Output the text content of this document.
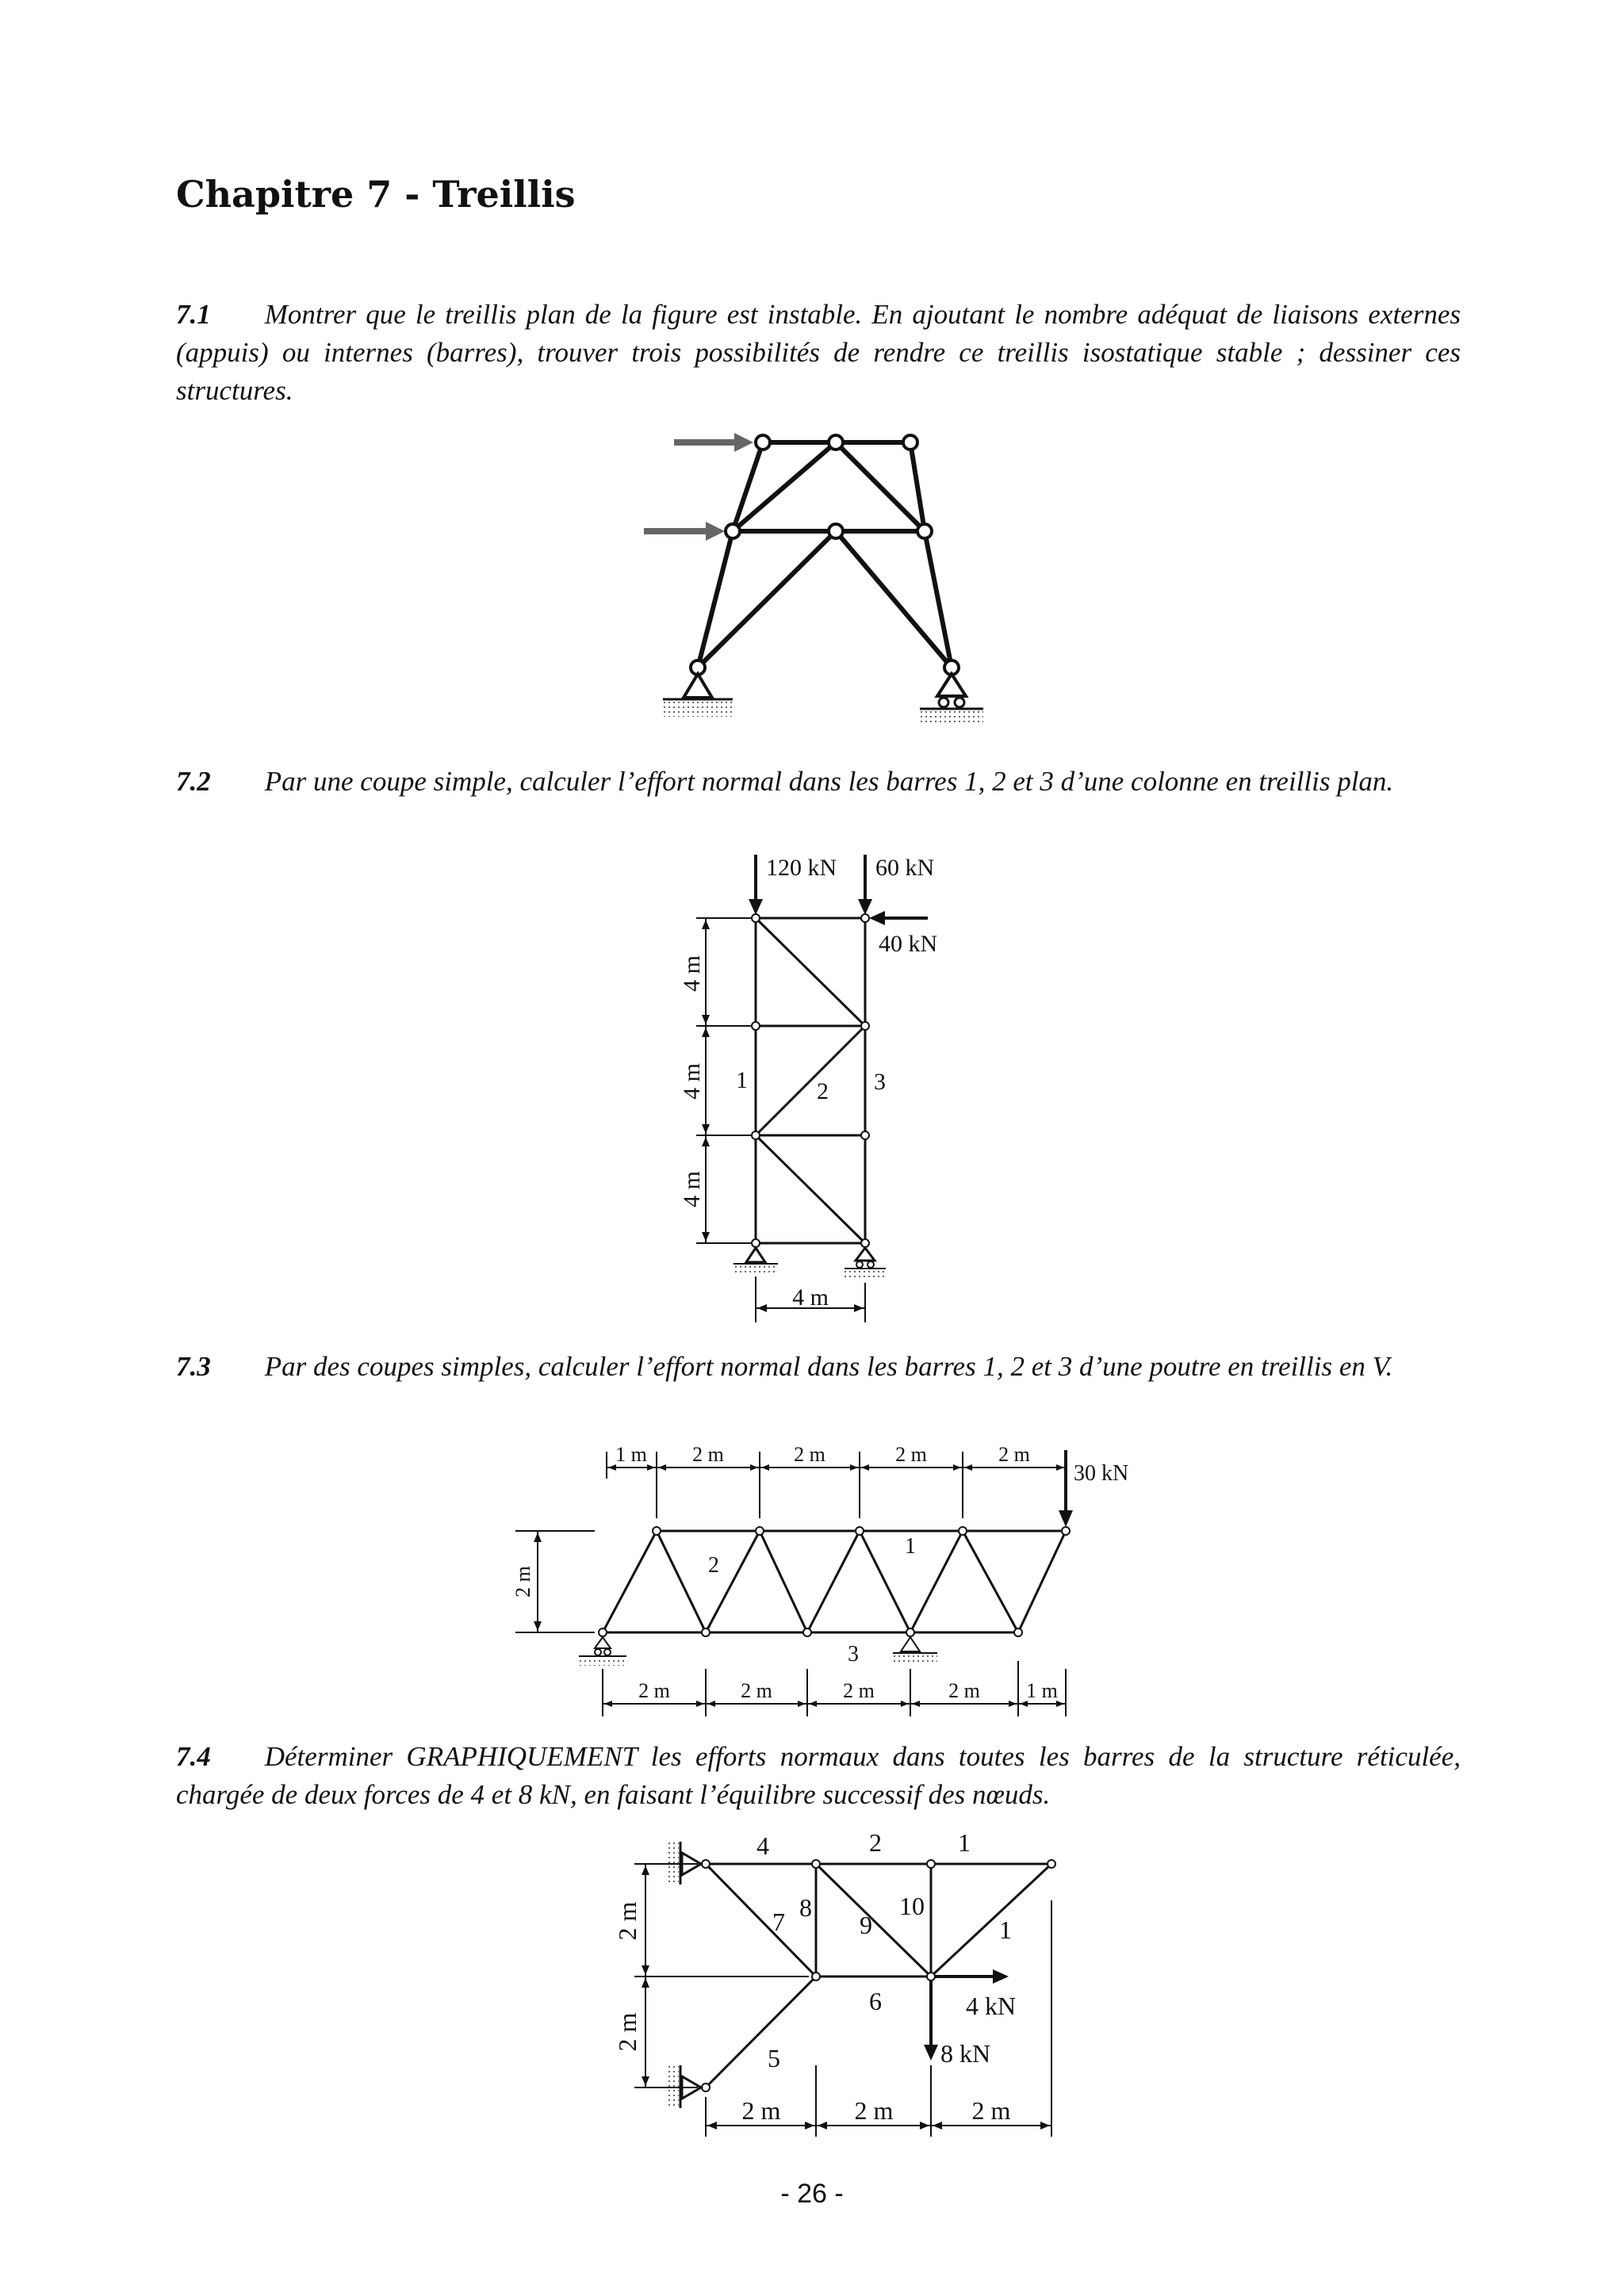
Chapitre 7 - Treillis
7.1 Montrer que le treillis plan de la figure est instable. En ajoutant le nombre adéquat de liaisons externes (appuis) ou internes (barres), trouver trois possibilités de rendre ce treillis isostatique stable ; dessiner ces structures.
7.2 Par une coupe simple, calculer l’effort normal dans les barres 1, 2 et 3 d’une colonne en treillis plan.
120 kN 60 kN
40 kN
4 m
4 m
4 m
1	2 3
4 m
7.3 Par des coupes simples, calculer l’effort normal dans les barres 1, 2 et 3 d’une poutre en treillis en V.
30 kN
1 m 2 m	2 m	2 m	2 m
2 m
1
2
3
2 m	2 m	2 m	2 m 1 m
7.4 Déterminer GRAPHIQUEMENT les efforts normaux dans toutes les barres de la structure réticulée, chargée de deux forces de 4 et 8 kN, en faisant l’équilibre successif des nœuds.
4 kN
8 kN
1
2
4
1
6
7 8
9
10
5
2 m
2 m
2 m	2 m	2 m
- 26 -
